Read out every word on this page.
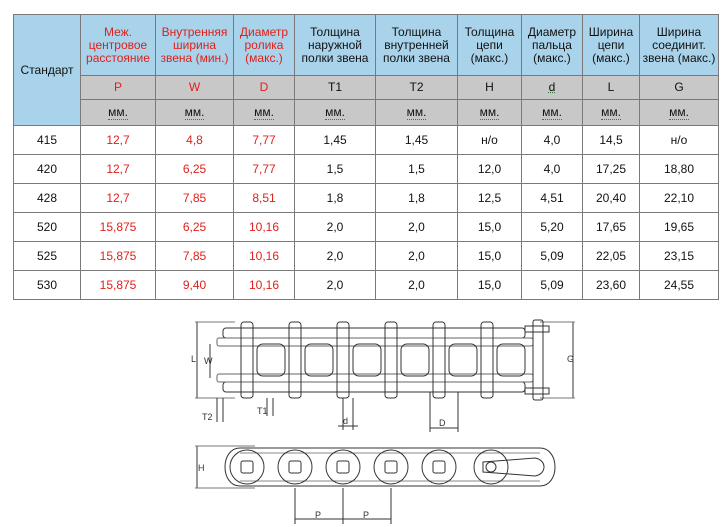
Стандарт	Меж. центровое расстояние	Внутренняя ширина звена (мин.)	Диаметр ролика (макс.)	Толщина наружной полки звена	Толщина внутренней полки звена	Толщина цепи (макс.)	Диаметр пальца (макс.)	Ширина цепи (макс.)	Ширина соединит. звена (макс.)
	P	W	D	T1	T2	H	d	L	G
	мм.	мм.	мм.	мм.	мм.	мм.	мм.	мм.	мм.
415	12,7	4,8	7,77	1,45	1,45	н/о	4,0	14,5	н/о
420	12,7	6,25	7,77	1,5	1,5	12,0	4,0	17,25	18,80
428	12,7	7,85	8,51	1,8	1,8	12,5	4,51	20,40	22,10
520	15,875	6,25	10,16	2,0	2,0	15,0	5,20	17,65	19,65
525	15,875	7,85	10,16	2,0	2,0	15,0	5,09	22,05	23,15
530	15,875	9,40	10,16	2,0	2,0	15,0	5,09	23,60	24,55
L W	G
T2
T1
d	D
H
P	P
